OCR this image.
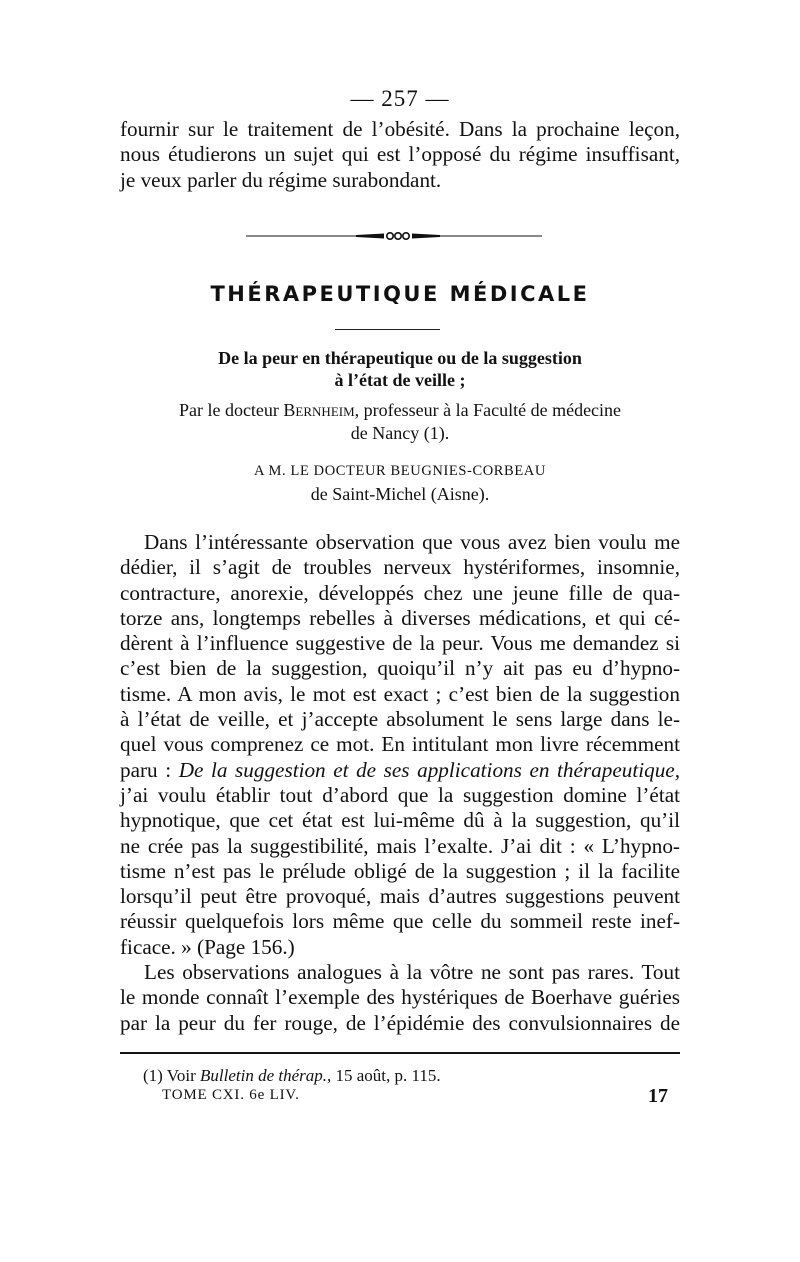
— 257 —
fournir sur le traitement de l’obésité. Dans la prochaine leçon,
nous étudierons un sujet qui est l’opposé du régime insuffisant,
je veux parler du régime surabondant.
THÉRAPEUTIQUE MÉDICALE
De la peur en thérapeutique ou de la suggestion
à l’état de veille ;
Par le docteur Bernheim, professeur à la Faculté de médecine
de Nancy (1).
A M. LE DOCTEUR BEUGNIES-CORBEAU
de Saint-Michel (Aisne).
Dans l’intéressante observation que vous avez bien voulu me
dédier, il s’agit de troubles nerveux hystériformes, insomnie,
contracture, anorexie, développés chez une jeune fille de qua-
torze ans, longtemps rebelles à diverses médications, et qui cé-
dèrent à l’influence suggestive de la peur. Vous me demandez si
c’est bien de la suggestion, quoiqu’il n’y ait pas eu d’hypno-
tisme. A mon avis, le mot est exact ; c’est bien de la suggestion
à l’état de veille, et j’accepte absolument le sens large dans le-
quel vous comprenez ce mot. En intitulant mon livre récemment
paru : De la suggestion et de ses applications en thérapeutique,
j’ai voulu établir tout d’abord que la suggestion domine l’état
hypnotique, que cet état est lui-même dû à la suggestion, qu’il
ne crée pas la suggestibilité, mais l’exalte. J’ai dit : « L’hypno-
tisme n’est pas le prélude obligé de la suggestion ; il la facilite
lorsqu’il peut être provoqué, mais d’autres suggestions peuvent
réussir quelquefois lors même que celle du sommeil reste inef-
ficace. » (Page 156.)
Les observations analogues à la vôtre ne sont pas rares. Tout
le monde connaît l’exemple des hystériques de Boerhave guéries
par la peur du fer rouge, de l’épidémie des convulsionnaires de
(1) Voir Bulletin de thérap., 15 août, p. 115.
TOME CXI. 6e LIV.	17
